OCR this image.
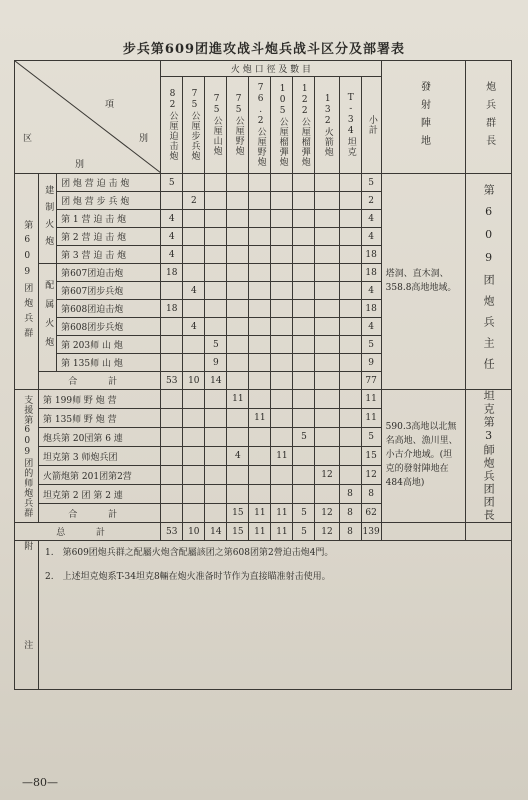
步兵第609团進攻战斗炮兵战斗区分及部署表
項
区 別
別			火 炮 口 徑 及 數 目										發射陣地	炮兵群長

			82公厘迫击炮	75公厘步兵炮	75公厘山炮	75公厘野炮	76.2公厘野炮	105公厘榴彈炮	122公厘榴彈炮	132火箭炮	T-34坦克	小計		

第609团炮兵群	建制火炮	团 炮 营 迫 击 炮	5									5	塔洞、直木洞、358.8高地地域。	第609团炮兵主任

		团 炮 营 步 兵 炮		2								2		
		第 1 营 迫 击 炮	4									4		
		第 2 营 迫 击 炮	4									4		
		第 3 营 迫 击 炮	4									18		

	配属火炮	第607团迫击炮	18									18		
		第607团步兵炮		4								4		
		第608团迫击炮	18									18		
		第608团步兵炮		4								4		
		第 203师 山 炮			5							5		
		第 135师 山 炮			9							9		
	合 計		53	10	14							77		

支援第609团的师炮兵群	第 199师 野 炮 营					11						11	590.3高地以北無名高地、漁川里、小古介地域。(坦克的發射陣地在484高地)	坦克第3師炮兵团团長

	第 135师 野 炮 营						11					11		
	炮兵第 20団第 6 連								5			5		
	坦克第 3 师炮兵团					4		11				15		
	火箭炮第 201团第2营									12		12		
	坦克第 2 团 第 2 連										8	8		
	合 計					15	11	11	5	12	8	62		
总 計			53	10	14	15	11	11	5	12	8	139		

附 注	1.　第609团炮兵群之配屬火炮含配屬該团之第608团第2營迫击炮4門。
2.　上述坦克炮系T-34坦克8輛在炮火准备时节作为直接瞄准射击使用。													
—80—
